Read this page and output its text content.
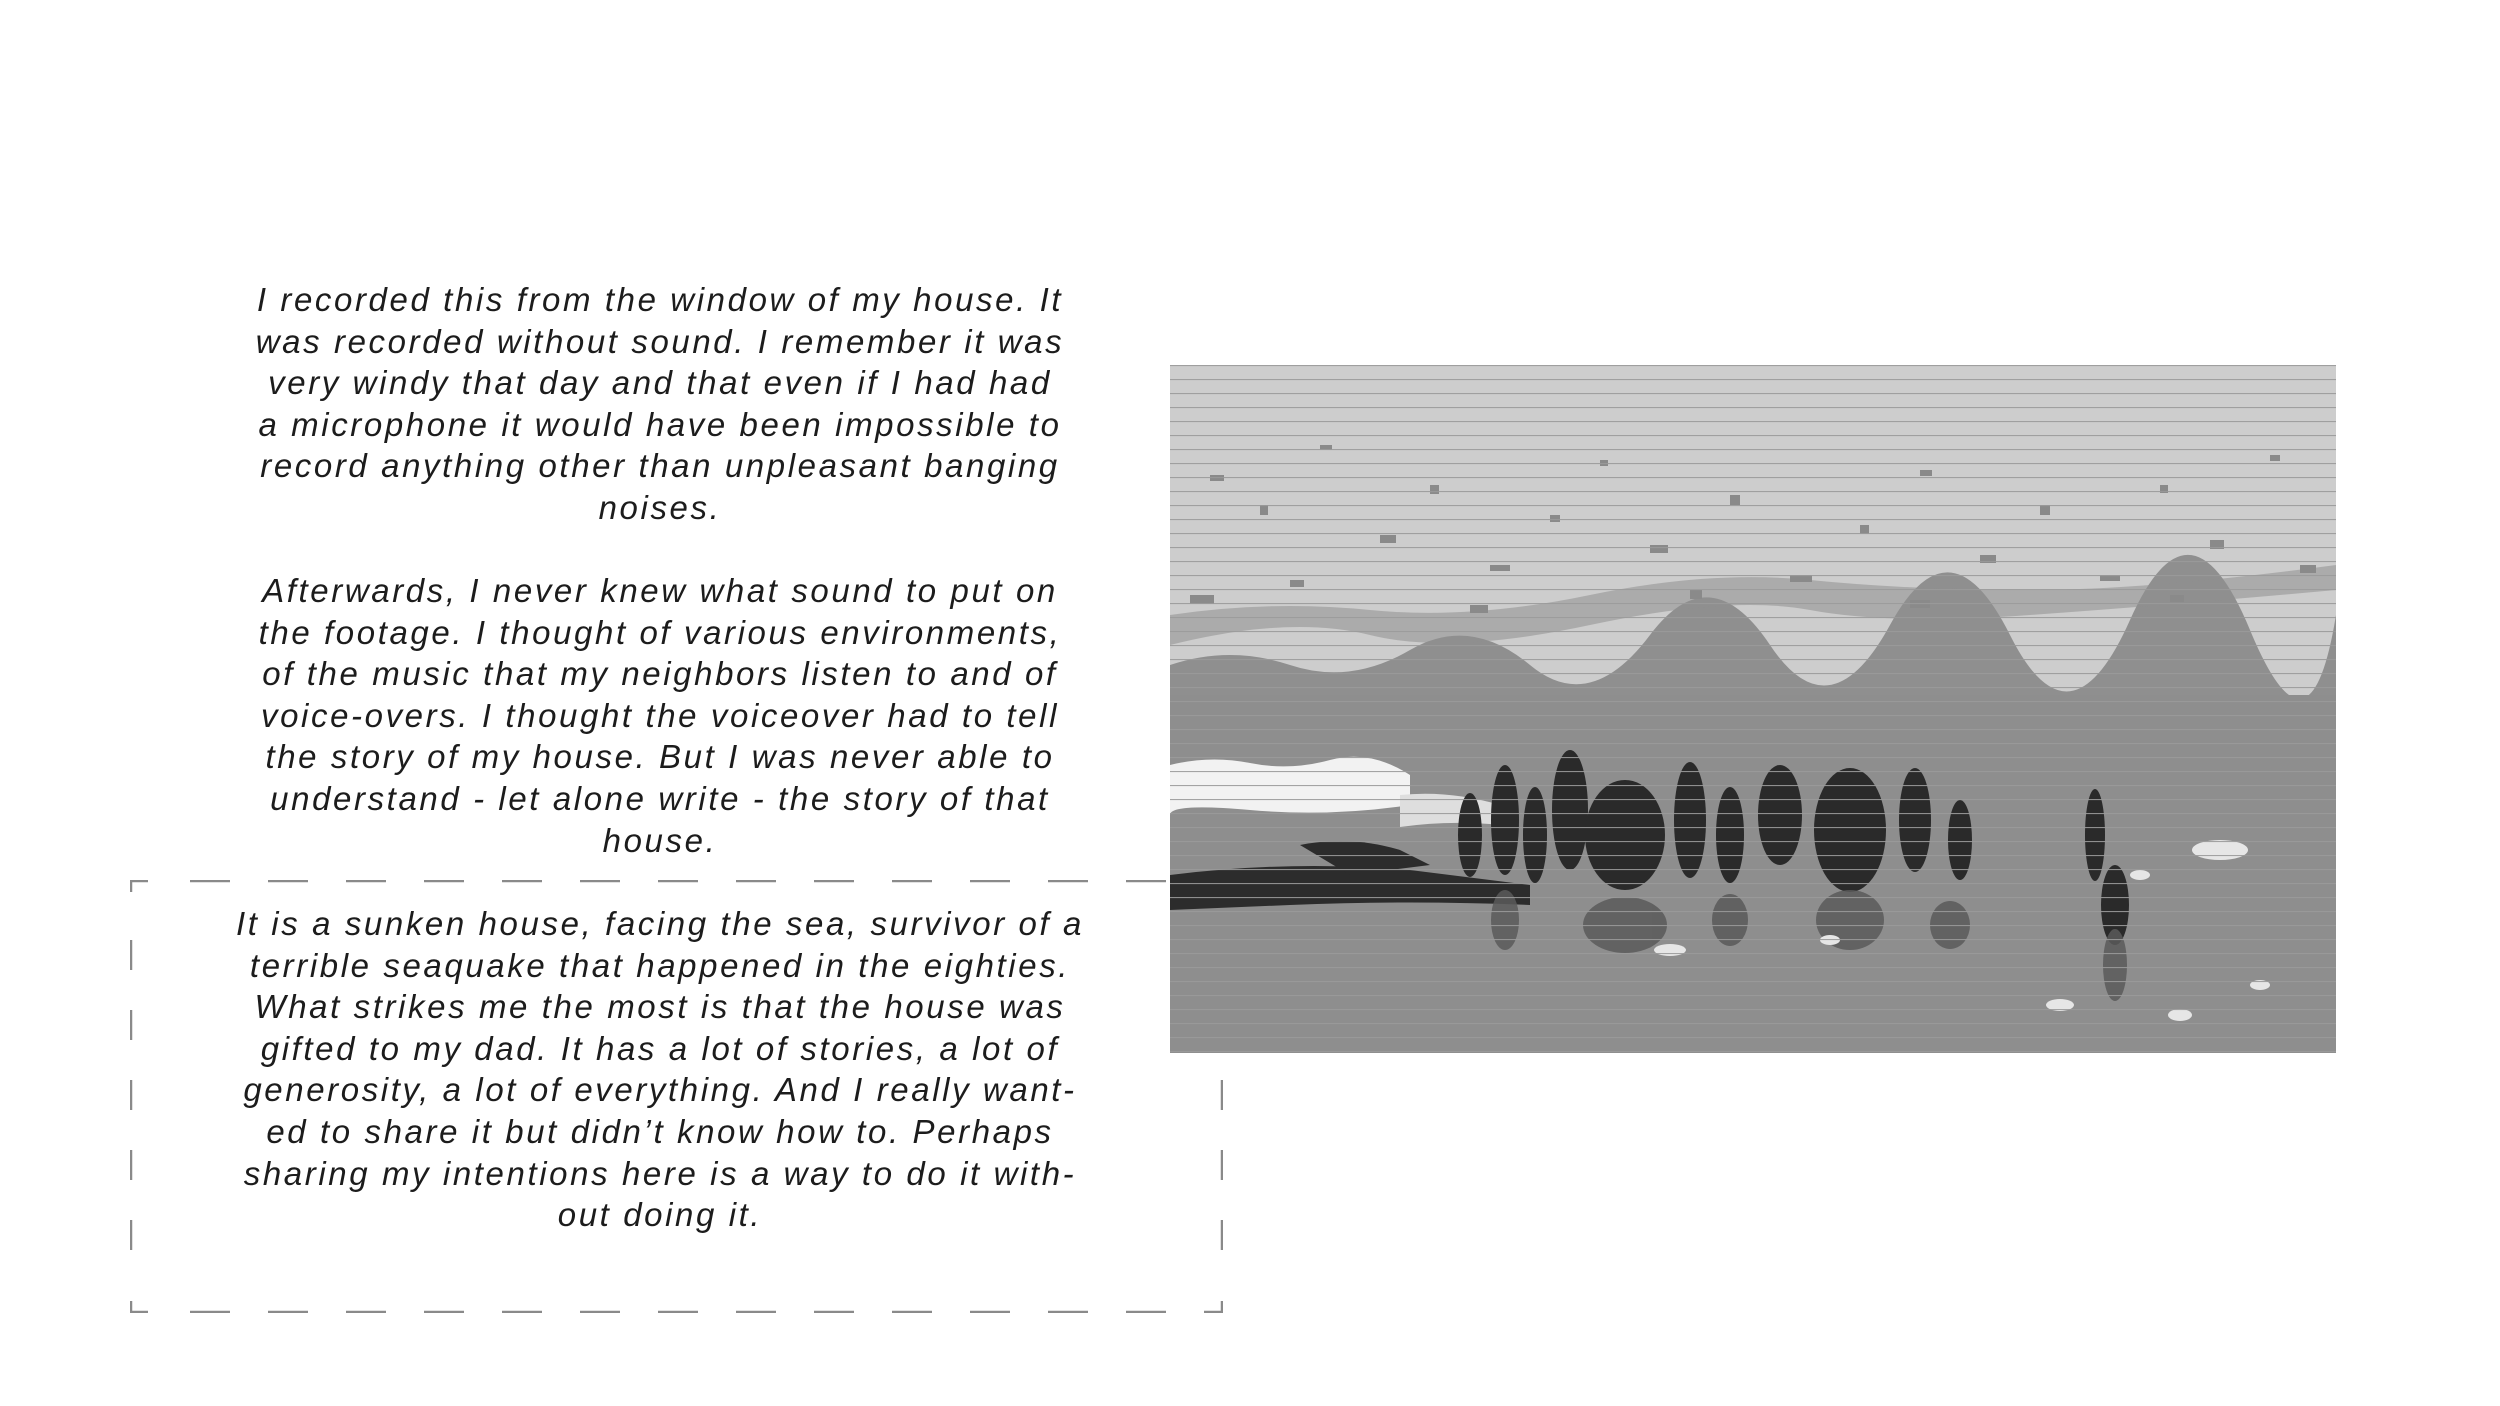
I recorded this from the window of my house. It
was recorded without sound. I remember it was
very windy that day and that even if I had had
a microphone it would have been impossible to
record anything other than unpleasant banging
noises.

Afterwards, I never knew what sound to put on
the footage. I thought of various environments,
of the music that my neighbors listen to and of
voice-overs. I thought the voiceover had to tell
the story of my house. But I was never able to
understand - let alone write - the story of that
house.

It is a sunken house, facing the sea, survivor of a
terrible seaquake that happened in the eighties.
What strikes me the most is that the house was
gifted to my dad. It has a lot of stories, a lot of
generosity, a lot of everything. And I really want-
ed to share it but didn’t know how to. Perhaps
sharing my intentions here is a way to do it with-
out doing it.
